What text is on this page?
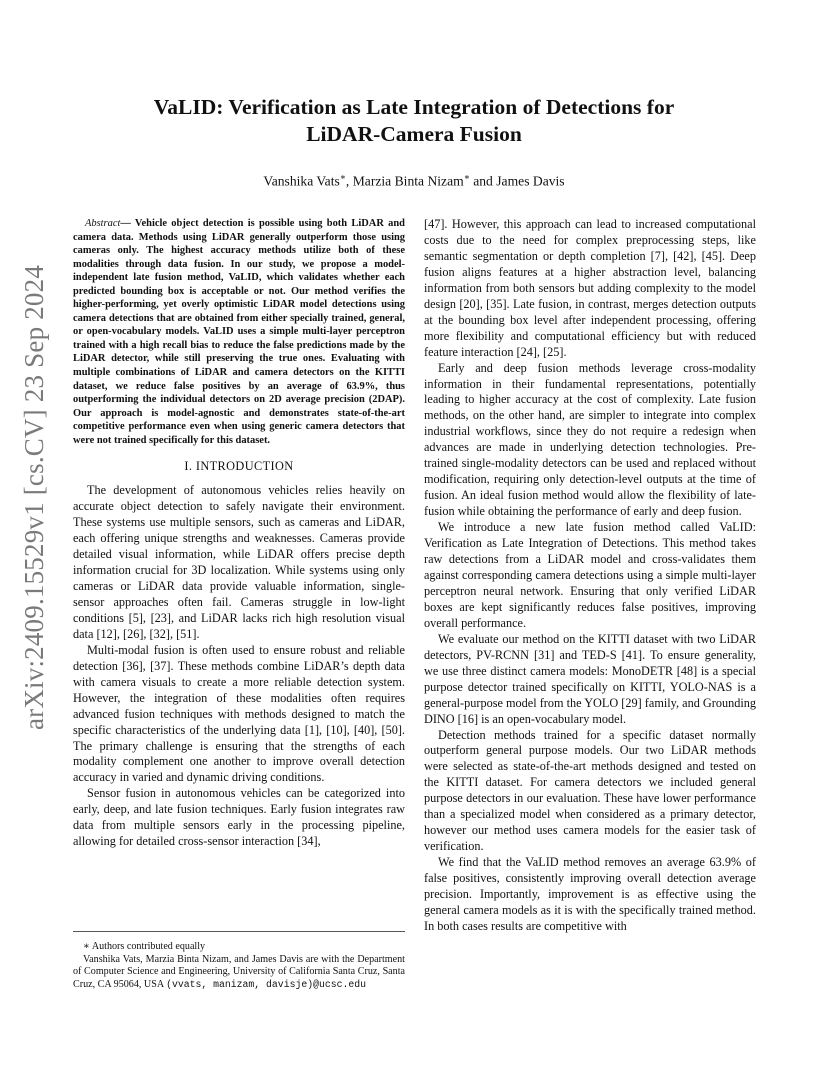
arXiv:2409.15529v1 [cs.CV] 23 Sep 2024
VaLID: Verification as Late Integration of Detections for
LiDAR-Camera Fusion
Vanshika Vats∗, Marzia Binta Nizam∗ and James Davis

Abstract— Vehicle object detection is possible using both LiDAR and camera data. Methods using LiDAR generally outperform those using cameras only. The highest accuracy methods utilize both of these modalities through data fusion. In our study, we propose a model-independent late fusion method, VaLID, which validates whether each predicted bounding box is acceptable or not. Our method verifies the higher-performing, yet overly optimistic LiDAR model detections using camera detections that are obtained from either specially trained, general, or open-vocabulary models. VaLID uses a simple multi-layer perceptron trained with a high recall bias to reduce the false predictions made by the LiDAR detector, while still preserving the true ones. Evaluating with multiple combinations of LiDAR and camera detectors on the KITTI dataset, we reduce false positives by an average of 63.9%, thus outperforming the individual detectors on 2D average precision (2DAP). Our approach is model-agnostic and demonstrates state-of-the-art competitive performance even when using generic camera detectors that were not trained specifically for this dataset.

I. INTRODUCTION

The development of autonomous vehicles relies heavily on accurate object detection to safely navigate their environment. These systems use multiple sensors, such as cameras and LiDAR, each offering unique strengths and weaknesses. Cameras provide detailed visual information, while LiDAR offers precise depth information crucial for 3D localization. While systems using only cameras or LiDAR data provide valuable information, single-sensor approaches often fail. Cameras struggle in low-light conditions [5], [23], and LiDAR lacks rich high resolution visual data [12], [26], [32], [51].

Multi-modal fusion is often used to ensure robust and reliable detection [36], [37]. These methods combine LiDAR’s depth data with camera visuals to create a more reliable detection system. However, the integration of these modalities often requires advanced fusion techniques with methods designed to match the specific characteristics of the underlying data [1], [10], [40], [50]. The primary challenge is ensuring that the strengths of each modality complement one another to improve overall detection accuracy in varied and dynamic driving conditions.

Sensor fusion in autonomous vehicles can be categorized into early, deep, and late fusion techniques. Early fusion integrates raw data from multiple sensors early in the processing pipeline, allowing for detailed cross-sensor interaction [34],

∗ Authors contributed equally

Vanshika Vats, Marzia Binta Nizam, and James Davis are with the Department of Computer Science and Engineering, University of California Santa Cruz, Santa Cruz, CA 95064, USA (vvats, manizam, davisje)@ucsc.edu

[47]. However, this approach can lead to increased computational costs due to the need for complex preprocessing steps, like semantic segmentation or depth completion [7], [42], [45]. Deep fusion aligns features at a higher abstraction level, balancing information from both sensors but adding complexity to the model design [20], [35]. Late fusion, in contrast, merges detection outputs at the bounding box level after independent processing, offering more flexibility and computational efficiency but with reduced feature interaction [24], [25].

Early and deep fusion methods leverage cross-modality information in their fundamental representations, potentially leading to higher accuracy at the cost of complexity. Late fusion methods, on the other hand, are simpler to integrate into complex industrial workflows, since they do not require a redesign when advances are made in underlying detection technologies. Pre-trained single-modality detectors can be used and replaced without modification, requiring only detection-level outputs at the time of fusion. An ideal fusion method would allow the flexibility of late-fusion while obtaining the performance of early and deep fusion.

We introduce a new late fusion method called VaLID: Verification as Late Integration of Detections. This method takes raw detections from a LiDAR model and cross-validates them against corresponding camera detections using a simple multi-layer perceptron neural network. Ensuring that only verified LiDAR boxes are kept significantly reduces false positives, improving overall performance.

We evaluate our method on the KITTI dataset with two LiDAR detectors, PV-RCNN [31] and TED-S [41]. To ensure generality, we use three distinct camera models: MonoDETR [48] is a special purpose detector trained specifically on KITTI, YOLO-NAS is a general-purpose model from the YOLO [29] family, and Grounding DINO [16] is an open-vocabulary model.

Detection methods trained for a specific dataset normally outperform general purpose models. Our two LiDAR methods were selected as state-of-the-art methods designed and tested on the KITTI dataset. For camera detectors we included general purpose detectors in our evaluation. These have lower performance than a specialized model when considered as a primary detector, however our method uses camera models for the easier task of verification.

We find that the VaLID method removes an average 63.9% of false positives, consistently improving overall detection average precision. Importantly, improvement is as effective using the general camera models as it is with the specifically trained method. In both cases results are competitive with
